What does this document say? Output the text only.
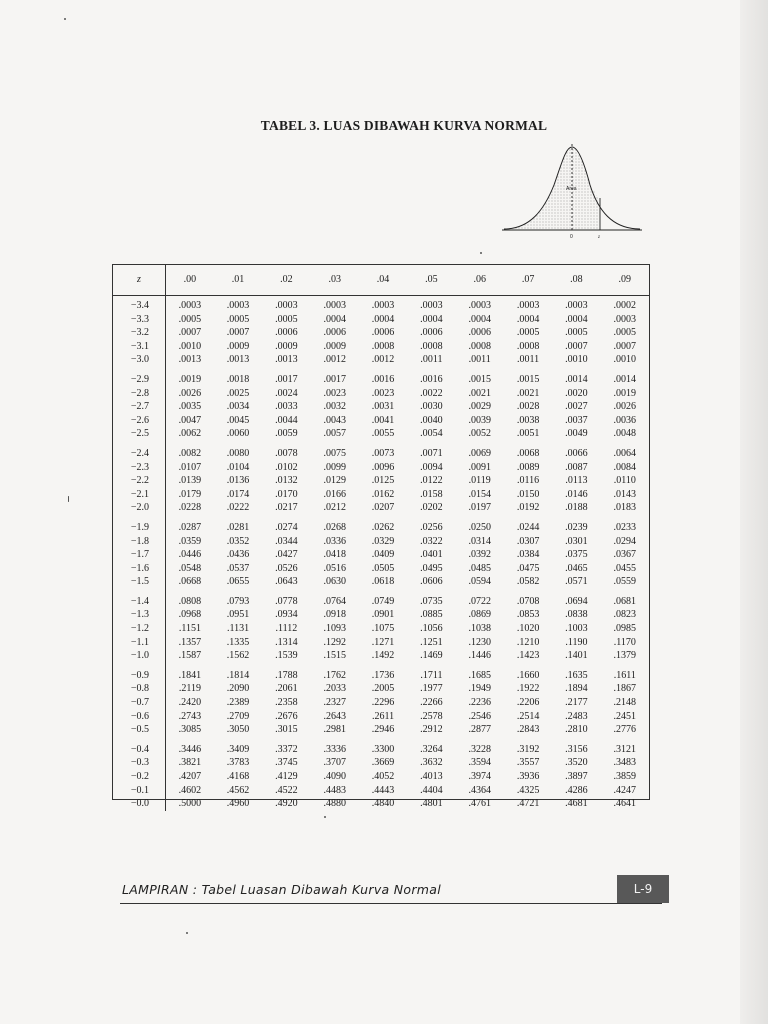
TABEL 3. LUAS DIBAWAH KURVA NORMAL
Area
0	z
z	.00	.01	.02	.03	.04	.05	.06	.07	.08	.09
−3.4	.0003	.0003	.0003	.0003	.0003	.0003	.0003	.0003	.0003	.0002
−3.3	.0005	.0005	.0005	.0004	.0004	.0004	.0004	.0004	.0004	.0003
−3.2	.0007	.0007	.0006	.0006	.0006	.0006	.0006	.0005	.0005	.0005
−3.1	.0010	.0009	.0009	.0009	.0008	.0008	.0008	.0008	.0007	.0007
−3.0	.0013	.0013	.0013	.0012	.0012	.0011	.0011	.0011	.0010	.0010
−2.9	.0019	.0018	.0017	.0017	.0016	.0016	.0015	.0015	.0014	.0014
−2.8	.0026	.0025	.0024	.0023	.0023	.0022	.0021	.0021	.0020	.0019
−2.7	.0035	.0034	.0033	.0032	.0031	.0030	.0029	.0028	.0027	.0026
−2.6	.0047	.0045	.0044	.0043	.0041	.0040	.0039	.0038	.0037	.0036
−2.5	.0062	.0060	.0059	.0057	.0055	.0054	.0052	.0051	.0049	.0048
−2.4	.0082	.0080	.0078	.0075	.0073	.0071	.0069	.0068	.0066	.0064
−2.3	.0107	.0104	.0102	.0099	.0096	.0094	.0091	.0089	.0087	.0084
−2.2	.0139	.0136	.0132	.0129	.0125	.0122	.0119	.0116	.0113	.0110
−2.1	.0179	.0174	.0170	.0166	.0162	.0158	.0154	.0150	.0146	.0143
−2.0	.0228	.0222	.0217	.0212	.0207	.0202	.0197	.0192	.0188	.0183
−1.9	.0287	.0281	.0274	.0268	.0262	.0256	.0250	.0244	.0239	.0233
−1.8	.0359	.0352	.0344	.0336	.0329	.0322	.0314	.0307	.0301	.0294
−1.7	.0446	.0436	.0427	.0418	.0409	.0401	.0392	.0384	.0375	.0367
−1.6	.0548	.0537	.0526	.0516	.0505	.0495	.0485	.0475	.0465	.0455
−1.5	.0668	.0655	.0643	.0630	.0618	.0606	.0594	.0582	.0571	.0559
−1.4	.0808	.0793	.0778	.0764	.0749	.0735	.0722	.0708	.0694	.0681
−1.3	.0968	.0951	.0934	.0918	.0901	.0885	.0869	.0853	.0838	.0823
−1.2	.1151	.1131	.1112	.1093	.1075	.1056	.1038	.1020	.1003	.0985
−1.1	.1357	.1335	.1314	.1292	.1271	.1251	.1230	.1210	.1190	.1170
−1.0	.1587	.1562	.1539	.1515	.1492	.1469	.1446	.1423	.1401	.1379
−0.9	.1841	.1814	.1788	.1762	.1736	.1711	.1685	.1660	.1635	.1611
−0.8	.2119	.2090	.2061	.2033	.2005	.1977	.1949	.1922	.1894	.1867
−0.7	.2420	.2389	.2358	.2327	.2296	.2266	.2236	.2206	.2177	.2148
−0.6	.2743	.2709	.2676	.2643	.2611	.2578	.2546	.2514	.2483	.2451
−0.5	.3085	.3050	.3015	.2981	.2946	.2912	.2877	.2843	.2810	.2776
−0.4	.3446	.3409	.3372	.3336	.3300	.3264	.3228	.3192	.3156	.3121
−0.3	.3821	.3783	.3745	.3707	.3669	.3632	.3594	.3557	.3520	.3483
−0.2	.4207	.4168	.4129	.4090	.4052	.4013	.3974	.3936	.3897	.3859
−0.1	.4602	.4562	.4522	.4483	.4443	.4404	.4364	.4325	.4286	.4247
−0.0	.5000	.4960	.4920	.4880	.4840	.4801	.4761	.4721	.4681	.4641
LAMPIRAN : Tabel Luasan Dibawah Kurva Normal	L-9
